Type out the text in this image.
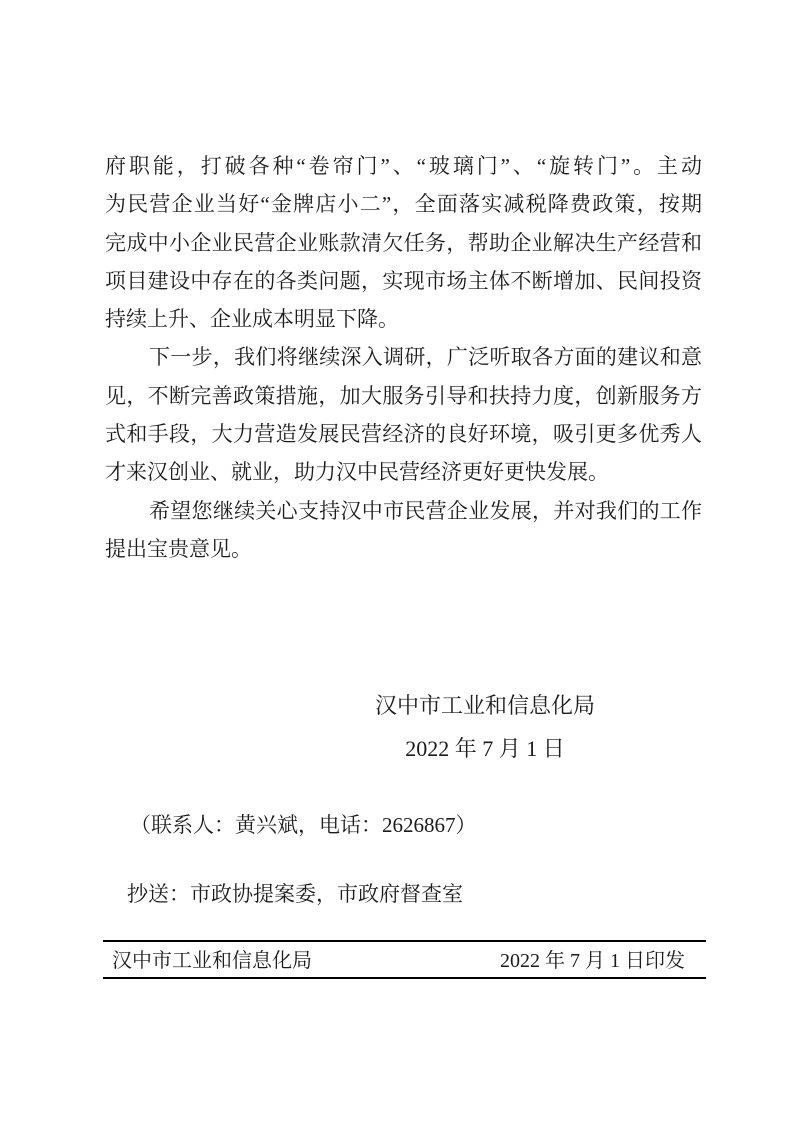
府职能，打破各种“卷帘门”、“玻璃门”、“旋转门”。主动
为民营企业当好“金牌店小二”，全面落实减税降费政策，按期
完成中小企业民营企业账款清欠任务，帮助企业解决生产经营和
项目建设中存在的各类问题，实现市场主体不断增加、民间投资
持续上升、企业成本明显下降。
下一步，我们将继续深入调研，广泛听取各方面的建议和意
见，不断完善政策措施，加大服务引导和扶持力度，创新服务方
式和手段，大力营造发展民营经济的良好环境，吸引更多优秀人
才来汉创业、就业，助力汉中民营经济更好更快发展。
希望您继续关心支持汉中市民营企业发展，并对我们的工作
提出宝贵意见。
汉中市工业和信息化局
2022 年 7 月 1 日
（联系人：黄兴斌，电话：2626867）
抄送：市政协提案委，市政府督查室
汉中市工业和信息化局	2022 年 7 月 1 日印发
